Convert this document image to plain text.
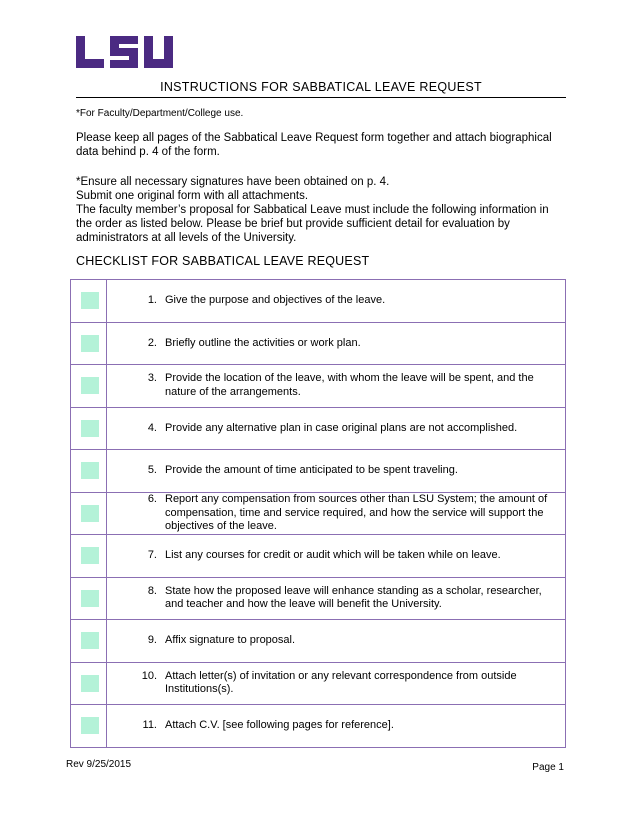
INSTRUCTIONS FOR SABBATICAL LEAVE REQUEST
*For Faculty/Department/College use.
Please keep all pages of the Sabbatical Leave Request form together and attach biographical data behind p. 4 of the form.
*Ensure all necessary signatures have been obtained on p. 4.
Submit one original form with all attachments.
The faculty member’s proposal for Sabbatical Leave must include the following information in the order as listed below. Please be brief but provide sufficient detail for evaluation by administrators at all levels of the University.
CHECKLIST FOR SABBATICAL LEAVE REQUEST

	1. Give the purpose and objectives of the leave.

	2. Briefly outline the activities or work plan.

	3. Provide the location of the leave, with whom the leave will be spent, and the nature of the arrangements.

	4. Provide any alternative plan in case original plans are not accomplished.

	5. Provide the amount of time anticipated to be spent traveling.

	6. Report any compensation from sources other than LSU System; the amount of compensation, time and service required, and how the service will support the objectives of the leave.

	7. List any courses for credit or audit which will be taken while on leave.

	8. State how the proposed leave will enhance standing as a scholar, researcher, and teacher and how the leave will benefit the University.

	9. Affix signature to proposal.

	10. Attach letter(s) of invitation or any relevant correspondence from outside Institutions(s).

	11. Attach C.V. [see following pages for reference].
Rev 9/25/2015	Page 1
